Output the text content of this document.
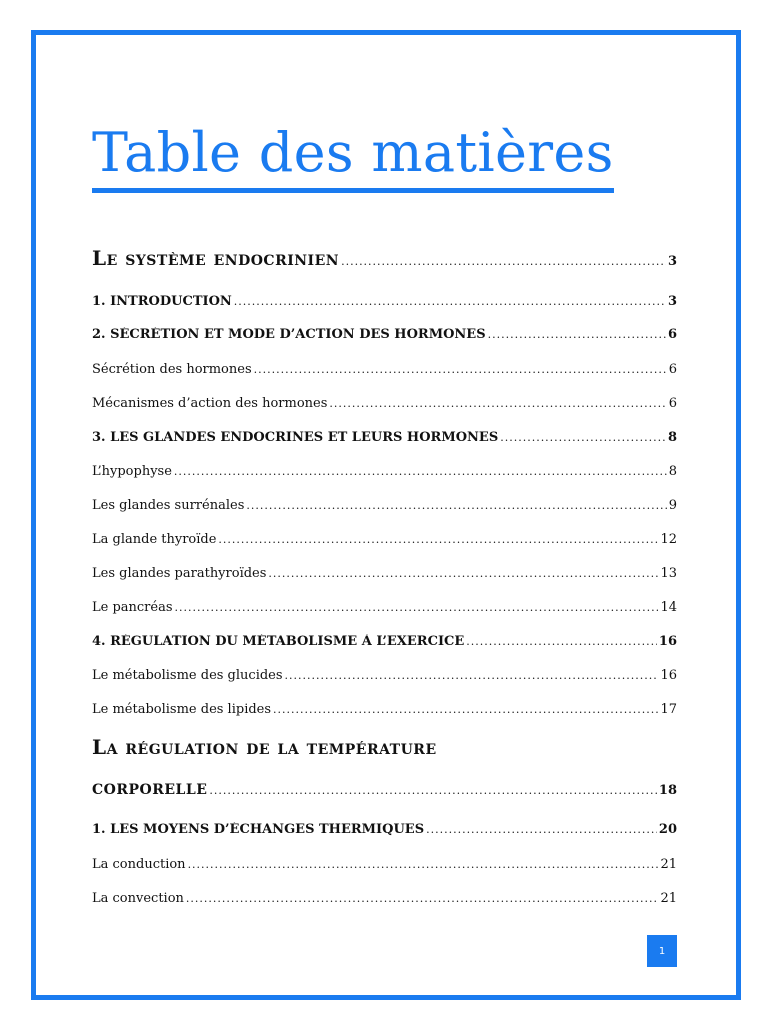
Table des matières
Le système endocrinien .....	3
1. INTRODUCTION .....	3
2. SÉCRÉTION ET MODE D’ACTION DES HORMONES .....	6
Sécrétion des hormones .....	6
Mécanismes d’action des hormones .....	6
3. LES GLANDES ENDOCRINES ET LEURS HORMONES .....	8
L’hypophyse .....	8
Les glandes surrénales .....	9
La glande thyroïde .....	12
Les glandes parathyroïdes .....	13
Le pancréas .....	14
4. RÉGULATION DU MÉTABOLISME À L’EXERCICE .....	16
Le métabolisme des glucides .....	16
Le métabolisme des lipides .....	17
La régulation de la température
corporelle .....	18
1. LES MOYENS D’ÉCHANGES THERMIQUES .....	20
La conduction .....	21
La convection .....	21
1
